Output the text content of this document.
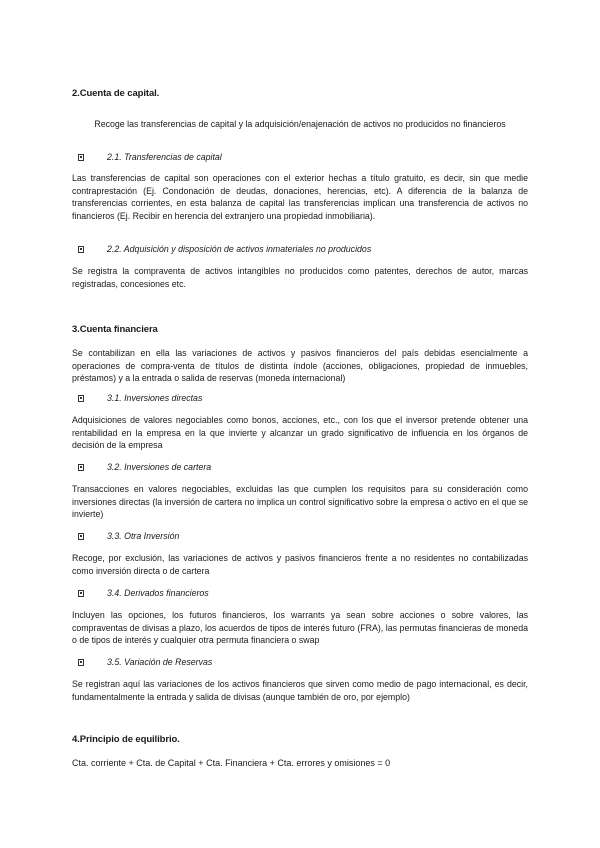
2.Cuenta de capital.
Recoge las transferencias de capital y la adquisición/enajenación de activos no producidos no financieros
2.1. Transferencias de capital
Las transferencias de capital son operaciones con el exterior hechas a título gratuito, es decir, sin que medie contraprestación (Ej. Condonación de deudas, donaciones, herencias, etc). A diferencia de la balanza de transferencias corrientes, en esta balanza de capital las transferencias implican una transferencia de activos no financieros (Ej. Recibir en herencia del extranjero una propiedad inmobiliaria).
2.2. Adquisición y disposición de activos inmateriales no producidos
Se registra la compraventa de activos intangibles no producidos como patentes, derechos de autor, marcas registradas, concesiones etc.
3.Cuenta financiera
Se contabilizan en ella las variaciones de activos y pasivos financieros del país debidas esencialmente a operaciones de compra-venta de títulos de distinta índole (acciones, obligaciones, propiedad de inmuebles, préstamos) y a la entrada o salida de reservas (moneda internacional)
3.1. Inversiones directas
Adquisiciones de valores negociables como bonos, acciones, etc., con los que el inversor pretende obtener una rentabilidad en la empresa en la que invierte y alcanzar un grado significativo de influencia en los órganos de decisión de la empresa
3.2. Inversiones de cartera
Transacciones en valores negociables, excluidas las que cumplen los requisitos para su consideración como inversiones directas (la inversión de cartera no implica un control significativo sobre la empresa o activo en el que se invierte)
3.3. Otra Inversión
Recoge, por exclusión, las variaciones de activos y pasivos financieros frente a no residentes no contabilizadas como inversión directa o de cartera
3.4. Derivados financieros
Incluyen las opciones, los futuros financieros, los warrants ya sean sobre acciones o sobre valores, las compraventas de divisas a plazo, los acuerdos de tipos de interés futuro (FRA), las permutas financieras de moneda o de tipos de interés y cualquier otra permuta financiera o swap
3.5. Variación de Reservas
Se registran aquí las variaciones de los activos financieros que sirven como medio de pago internacional, es decir, fundamentalmente la entrada y salida de divisas (aunque también de oro, por ejemplo)
4.Principio de equilibrio.
Cta. corriente + Cta. de Capital + Cta. Financiera + Cta. errores y omisiones = 0
